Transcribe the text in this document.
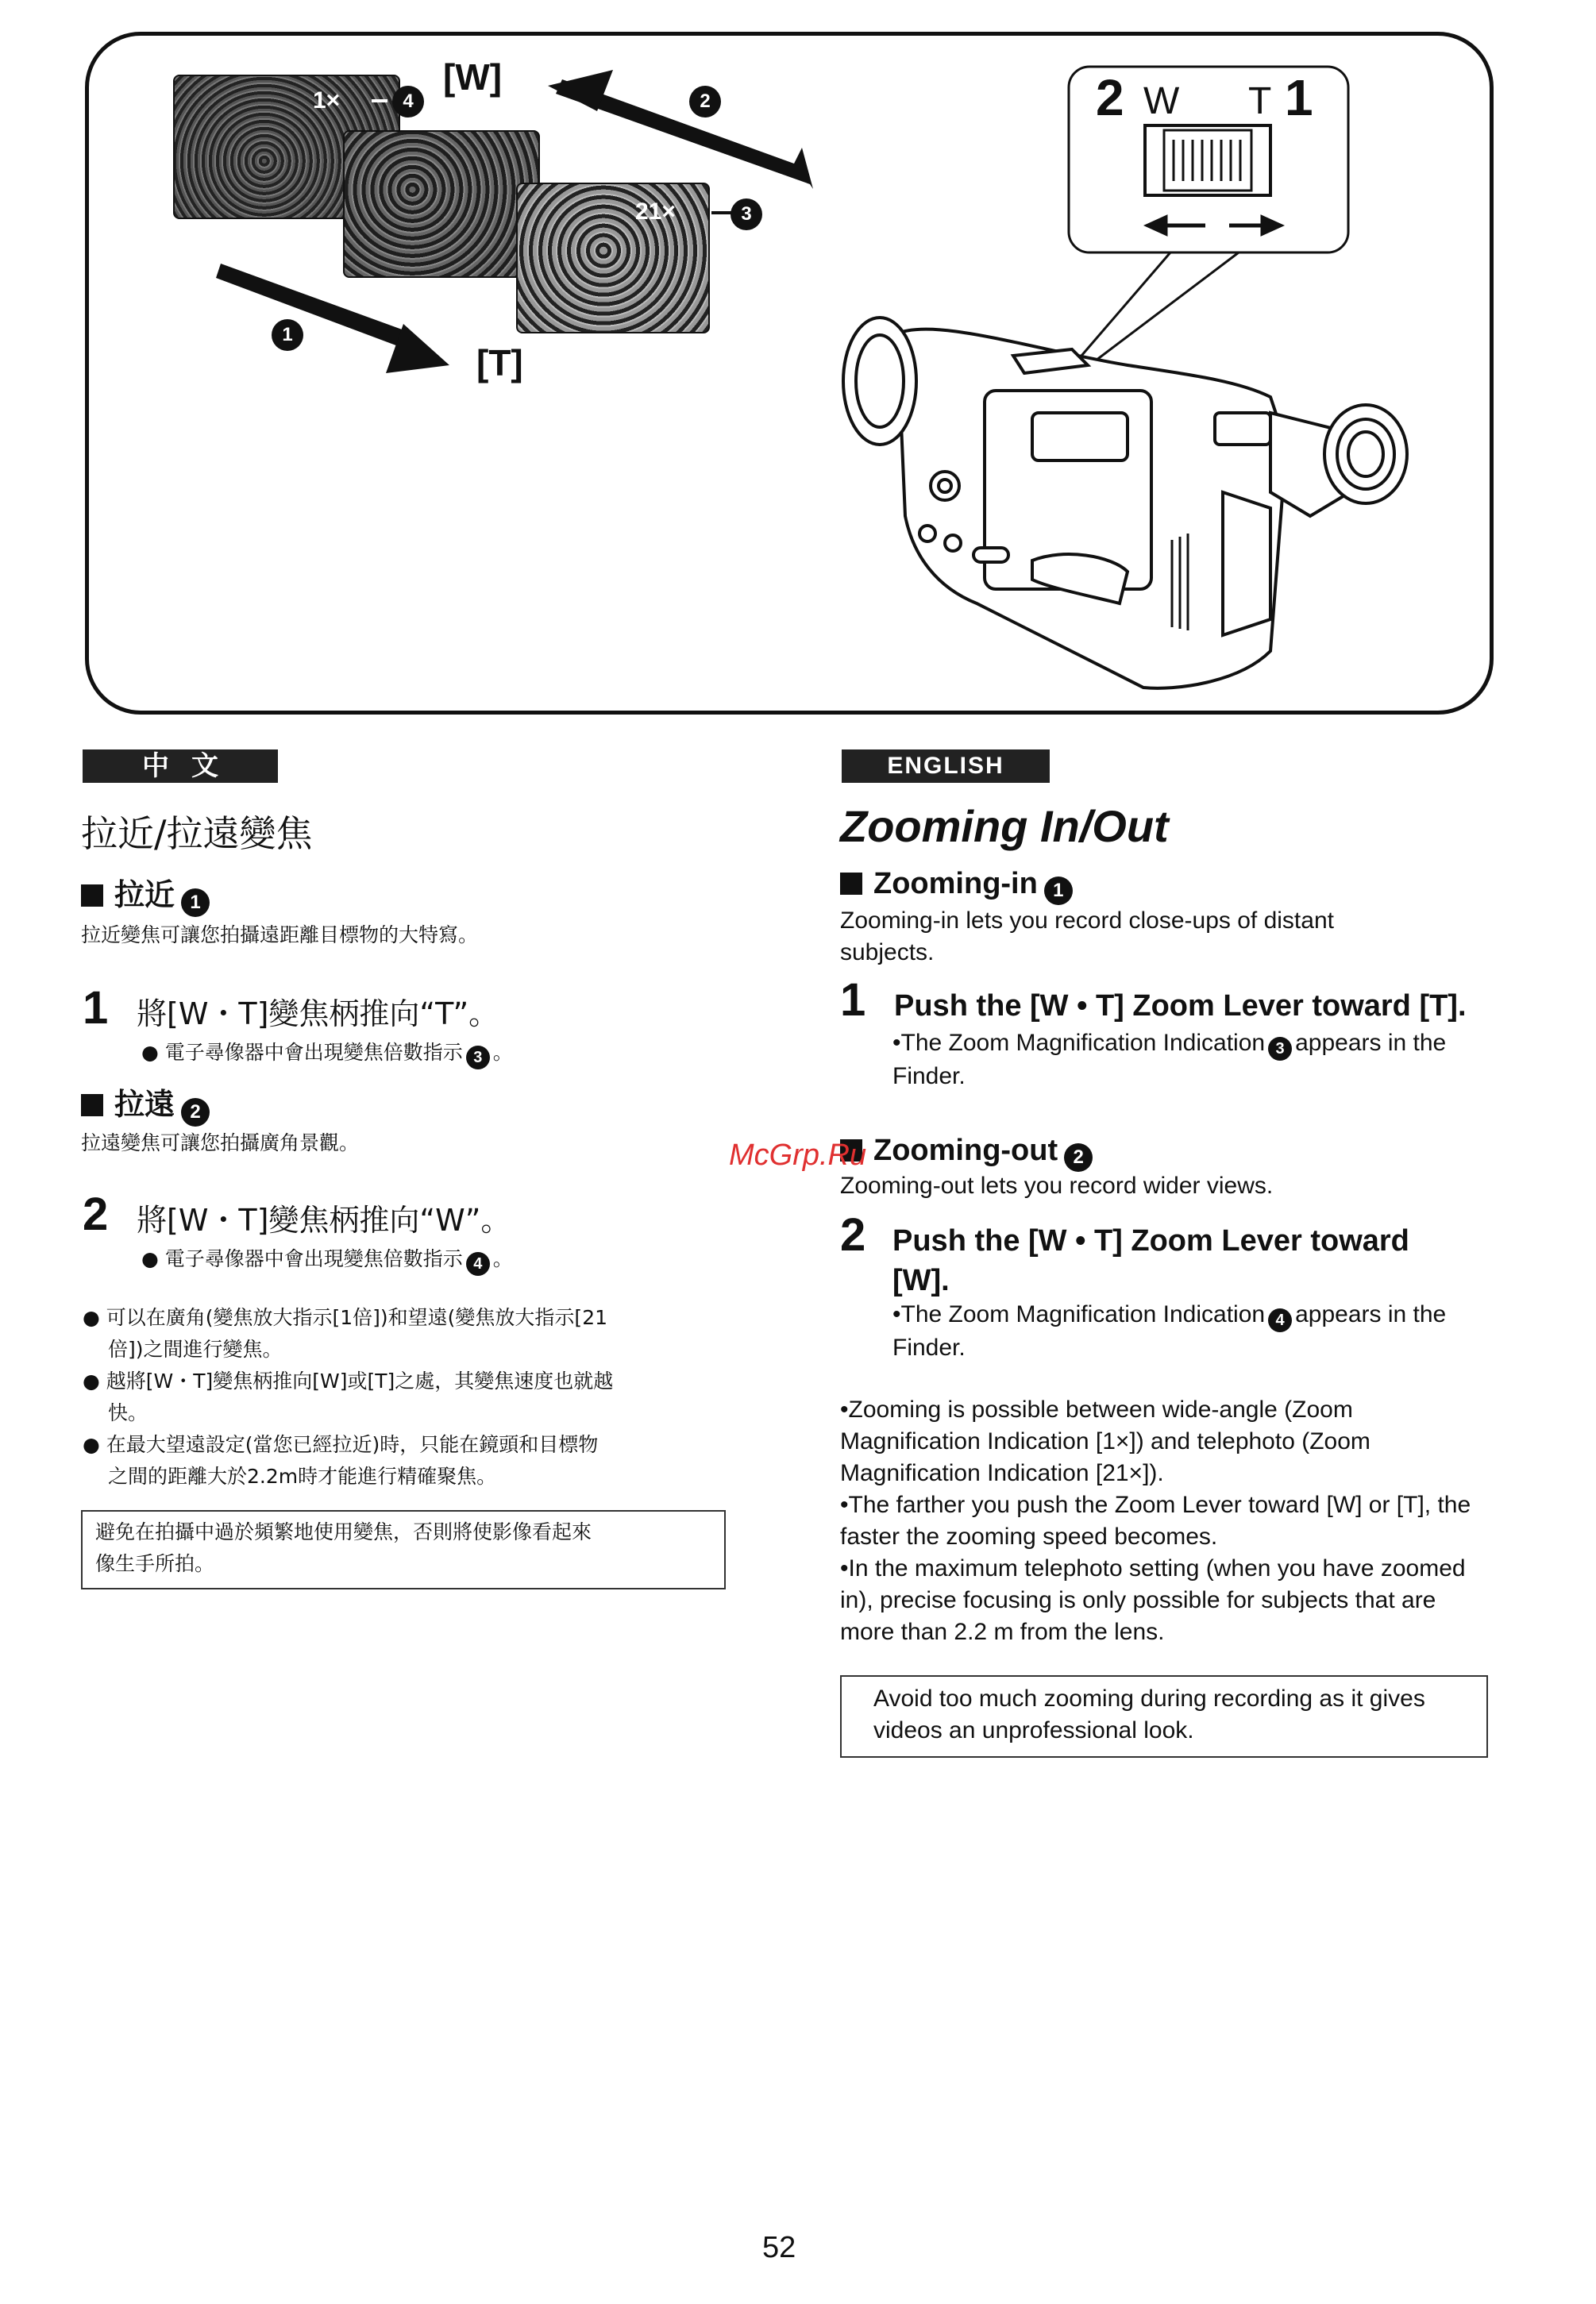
1×
21×
[W]
[T]
1
2
3
4	2 W T 1
中文
拉近/拉遠變焦
拉近 1
拉近變焦可讓您拍攝遠距離目標物的大特寫。
1 將[W・T]變焦柄推向“T”。
● 電子尋像器中會出現變焦倍數指示 3 。
拉遠 2
拉遠變焦可讓您拍攝廣角景觀。
2 將[W・T]變焦柄推向“W”。
● 電子尋像器中會出現變焦倍數指示 4 。
● 可以在廣角(變焦放大指示[1倍])和望遠(變焦放大指示[21
倍])之間進行變焦。
● 越將[W・T]變焦柄推向[W]或[T]之處，其變焦速度也就越
快。
● 在最大望遠設定(當您已經拉近)時，只能在鏡頭和目標物
之間的距離大於2.2m時才能進行精確聚焦。
避免在拍攝中過於頻繁地使用變焦，否則將使影像看起來
像生手所拍。
ENGLISH
Zooming In/Out
Zooming-in 1
Zooming-in lets you record close-ups of distant subjects.
1 Push the [W • T] Zoom Lever toward [T].
•The Zoom Magnification Indication 3 appears in the Finder.
Zooming-out 2
Zooming-out lets you record wider views.
2 Push the [W • T] Zoom Lever toward [W].
•The Zoom Magnification Indication 4 appears in the Finder.
•Zooming is possible between wide-angle (Zoom Magnification Indication [1×]) and telephoto (Zoom Magnification Indication [21×]).
•The farther you push the Zoom Lever toward [W] or [T], the faster the zooming speed becomes.
•In the maximum telephoto setting (when you have zoomed in), precise focusing is only possible for subjects that are more than 2.2 m from the lens.
Avoid too much zooming during recording as it gives videos an unprofessional look.
McGrp.Ru
52
